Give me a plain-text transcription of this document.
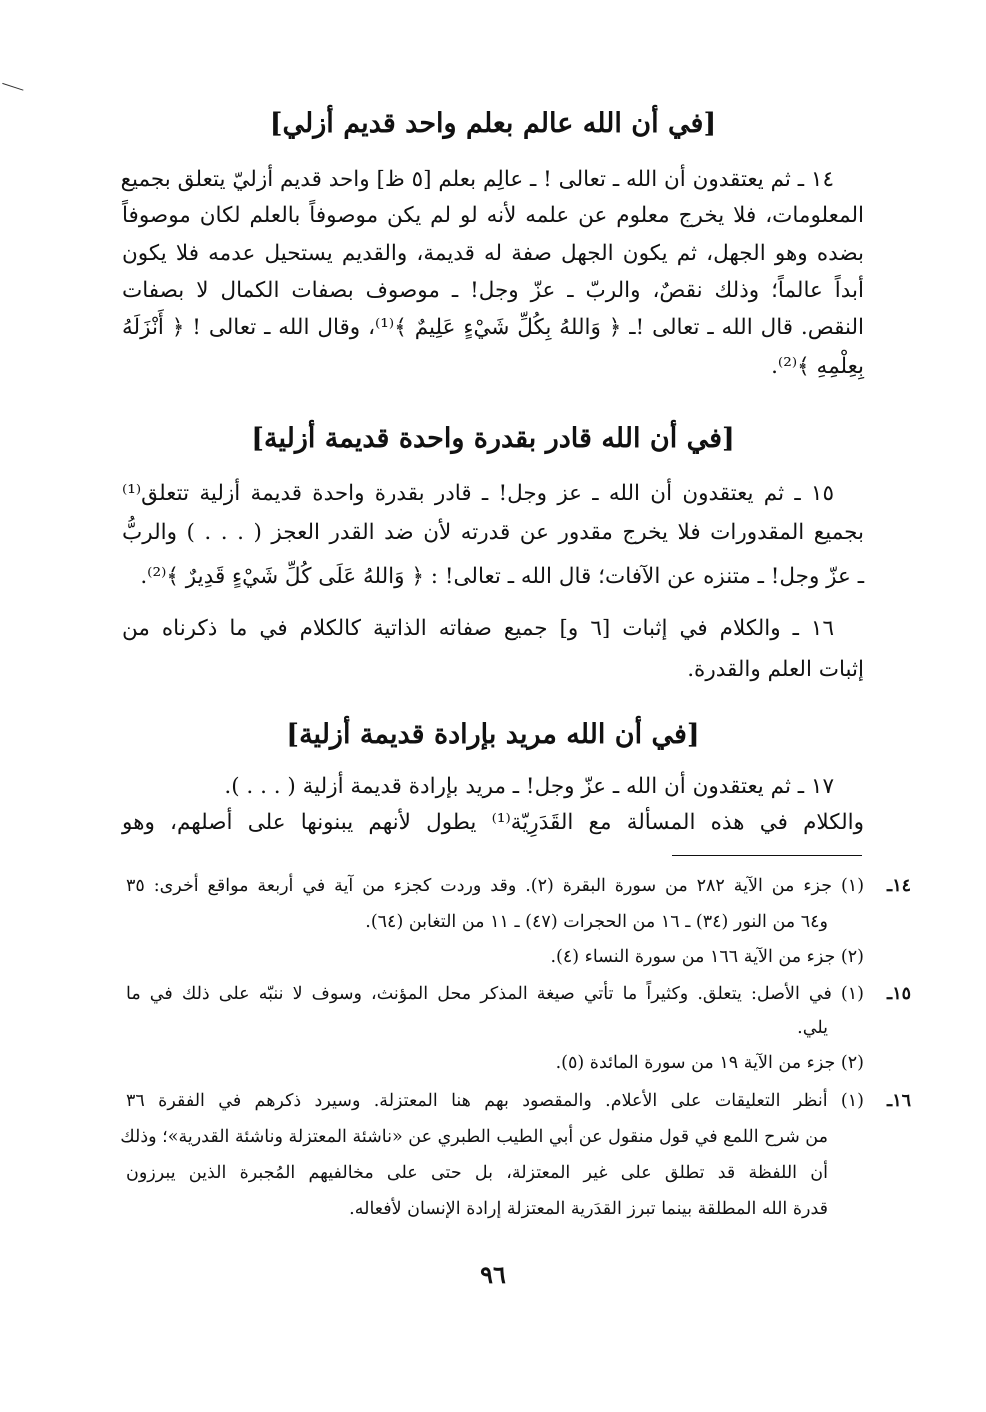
[في أن الله عالم بعلم واحد قديم أزلي]
١٤ ـ ثم يعتقدون أن الله ـ تعالى ! ـ عالِم بعلم [٥ ظ] واحد قديم أزليّ يتعلق بجميع
المعلومات، فلا يخرج معلوم عن علمه لأنه لو لم يكن موصوفاً بالعلم لكان موصوفاً
بضده وهو الجهل، ثم يكون الجهل صفة له قديمة، والقديم يستحيل عدمه فلا يكون
أبداً عالماً؛ وذلك نقصٌ، والربّ ـ عزّ وجل! ـ موصوف بصفات الكمال لا بصفات
النقص. قال الله ـ تعالى !ـ ﴿ وَاللهُ بِكُلِّ شَيْءٍ عَلِيمٌ ﴾⁽¹⁾، وقال الله ـ تعالى ! ﴿ أَنْزَلَهُ
بِعِلْمِهِ ﴾⁽²⁾.
[في أن الله قادر بقدرة واحدة قديمة أزلية]
١٥ ـ ثم يعتقدون أن الله ـ عز وجل! ـ قادر بقدرة واحدة قديمة أزلية تتعلق⁽¹⁾
بجميع المقدورات فلا يخرج مقدور عن قدرته لأن ضد القدر العجز ( . . . ) والربُّ
ـ عزّ وجل! ـ متنزه عن الآفات؛ قال الله ـ تعالى! : ﴿ وَاللهُ عَلَى كُلِّ شَيْءٍ قَدِيرٌ ﴾⁽²⁾.
١٦ ـ والكلام في إثبات [٦ و] جميع صفاته الذاتية كالكلام في ما ذكرناه من
إثبات العلم والقدرة.
[في أن الله مريد بإرادة قديمة أزلية]
١٧ ـ ثم يعتقدون أن الله ـ عزّ وجل! ـ مريد بإرادة قديمة أزلية ( . . . ).
والكلام في هذه المسألة مع القَدَرِيّة⁽¹⁾ يطول لأنهم يبنونها على أصلهم، وهو
١٤ـ
(١) جزء من الآية ٢٨٢ من سورة البقرة (٢). وقد وردت كجزء من آية في أربعة مواقع أخرى: ٣٥
و٦٤ من النور (٣٤) ـ ١٦ من الحجرات (٤٧) ـ ١١ من التغابن (٦٤).
(٢) جزء من الآية ١٦٦ من سورة النساء (٤).
١٥ـ
(١) في الأصل: يتعلق. وكثيراً ما تأتي صيغة المذكر محل المؤنث، وسوف لا ننبّه على ذلك في ما
يلي.
(٢) جزء من الآية ١٩ من سورة المائدة (٥).
١٦ـ
(١) أنظر التعليقات على الأعلام. والمقصود بهم هنا المعتزلة. وسيرد ذكرهم في الفقرة ٣٦
من شرح اللمع في قول منقول عن أبي الطيب الطبري عن «ناشئة المعتزلة وناشئة القدرية»؛ وذلك
أن اللفظة قد تطلق على غير المعتزلة، بل حتى على مخالفيهم المُجبرة الذين يبرزون
قدرة الله المطلقة بينما تبرز القدَرية المعتزلة إرادة الإنسان لأفعاله.
٩٦
